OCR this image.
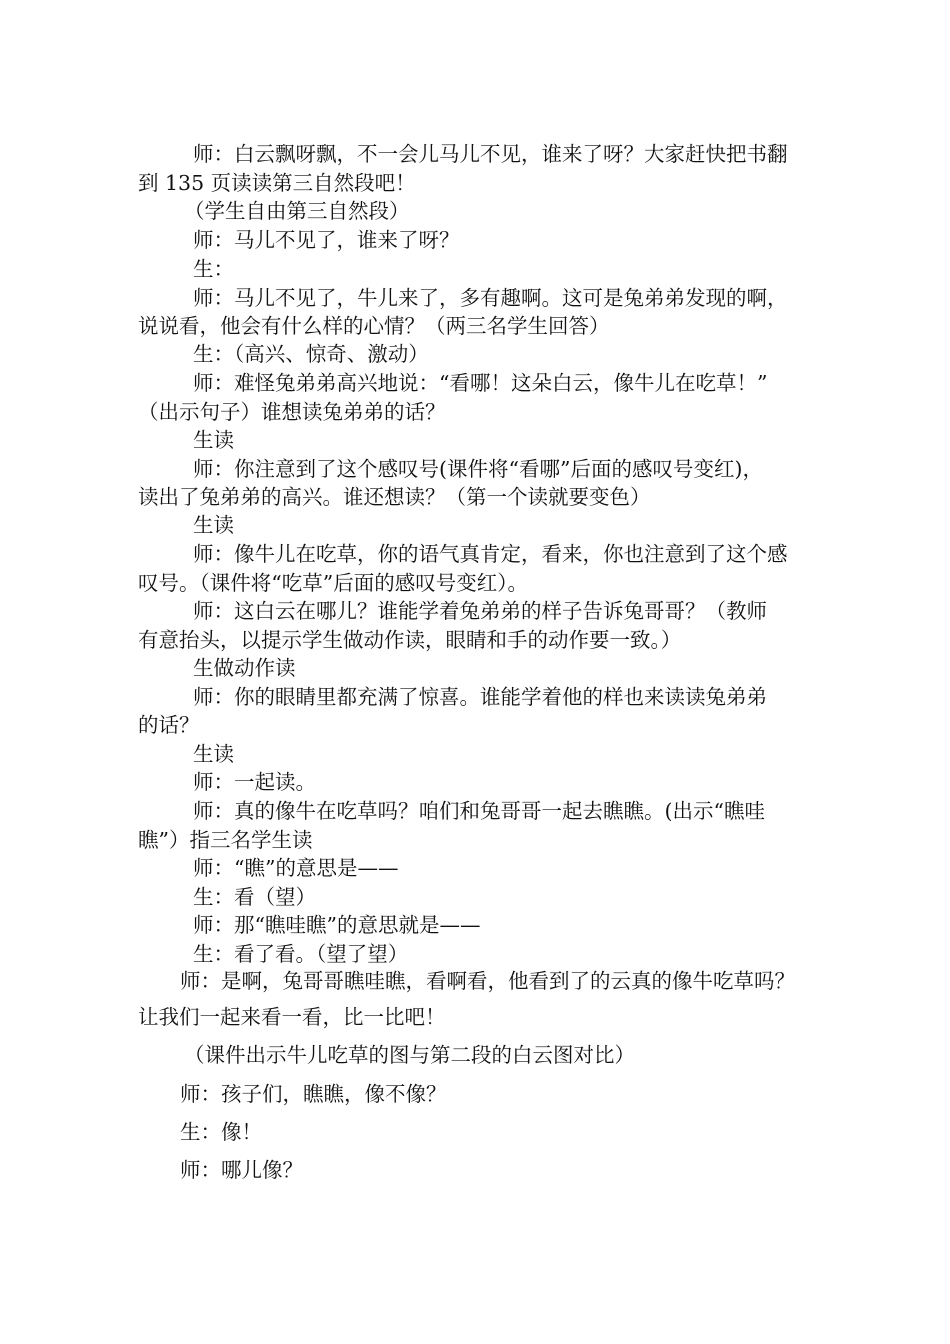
师：白云飘呀飘，不一会儿马儿不见，谁来了呀？大家赶快把书翻
到 135 页读读第三自然段吧！
（学生自由第三自然段）
师：马儿不见了，谁来了呀？
生：
师：马儿不见了，牛儿来了，多有趣啊。这可是兔弟弟发现的啊，
说说看，他会有什么样的心情？（两三名学生回答）
生：（高兴、惊奇、激动）
师：难怪兔弟弟高兴地说：“看哪！这朵白云，像牛儿在吃草！”
（出示句子）谁想读兔弟弟的话？
生读
师：你注意到了这个感叹号(课件将“看哪”后面的感叹号变红)，
读出了兔弟弟的高兴。谁还想读？（第一个读就要变色）
生读
师：像牛儿在吃草，你的语气真肯定，看来，你也注意到了这个感
叹号。（课件将“吃草”后面的感叹号变红）。
师：这白云在哪儿？谁能学着兔弟弟的样子告诉兔哥哥？（教师
有意抬头，以提示学生做动作读，眼睛和手的动作要一致。）
生做动作读
师：你的眼睛里都充满了惊喜。谁能学着他的样也来读读兔弟弟
的话？
生读
师：一起读。
师：真的像牛在吃草吗？咱们和兔哥哥一起去瞧瞧。(出示“瞧哇
瞧”）指三名学生读
师：“瞧”的意思是——
生：看（望）
师：那“瞧哇瞧”的意思就是——
生：看了看。（望了望）
师：是啊，兔哥哥瞧哇瞧，看啊看，他看到了的云真的像牛吃草吗？
让我们一起来看一看，比一比吧！
（课件出示牛儿吃草的图与第二段的白云图对比）
师：孩子们，瞧瞧，像不像？
生：像！
师：哪儿像？
